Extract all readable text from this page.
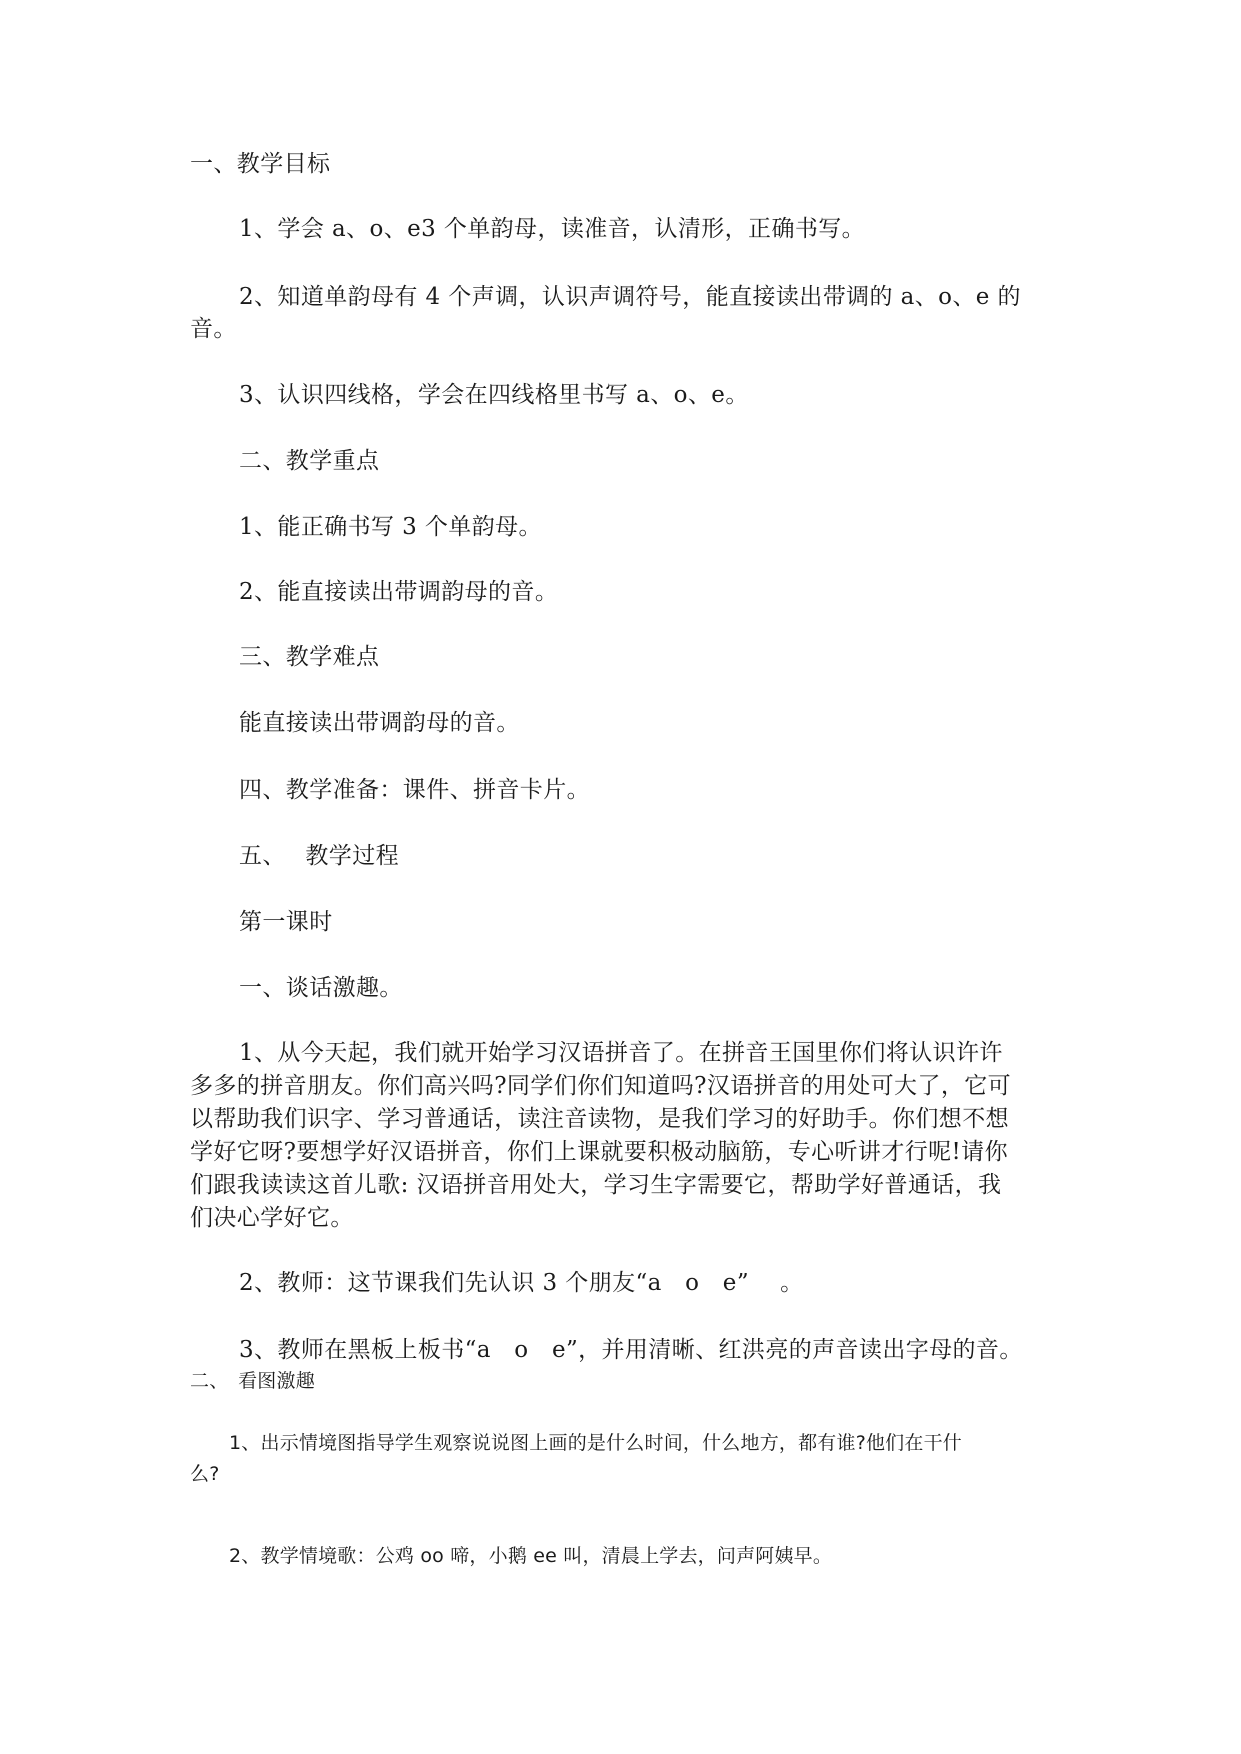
一、教学目标
1、学会 a、o、e3 个单韵母，读准音，认清形，正确书写。
2、知道单韵母有 4 个声调，认识声调符号，能直接读出带调的 a、o、e 的
音。
3、认识四线格，学会在四线格里书写 a、o、e。
二、教学重点
1、能正确书写 3 个单韵母。
2、能直接读出带调韵母的音。
三、教学难点
能直接读出带调韵母的音。
四、教学准备：课件、拼音卡片。
五、　 教学过程
第一课时
一、谈话激趣。
1、从今天起，我们就开始学习汉语拼音了。在拼音王国里你们将认识许许
多多的拼音朋友。你们高兴吗?同学们你们知道吗?汉语拼音的用处可大了，它可
以帮助我们识字、学习普通话，读注音读物，是我们学习的好助手。你们想不想
学好它呀?要想学好汉语拼音，你们上课就要积极动脑筋，专心听讲才行呢!请你
们跟我读读这首儿歌: 汉语拼音用处大，学习生字需要它，帮助学好普通话，我
们决心学好它。
2、教师：这节课我们先认识 3 个朋友“a　o　e”　 。
3、教师在黑板上板书“a　o　e”，并用清晰、红洪亮的声音读出字母的音。
二、　看图激趣
1、出示情境图指导学生观察说说图上画的是什么时间，什么地方，都有谁?他们在干什
么?
2、教学情境歌：公鸡 oo 啼，小鹅 ee 叫，清晨上学去，问声阿姨早。
